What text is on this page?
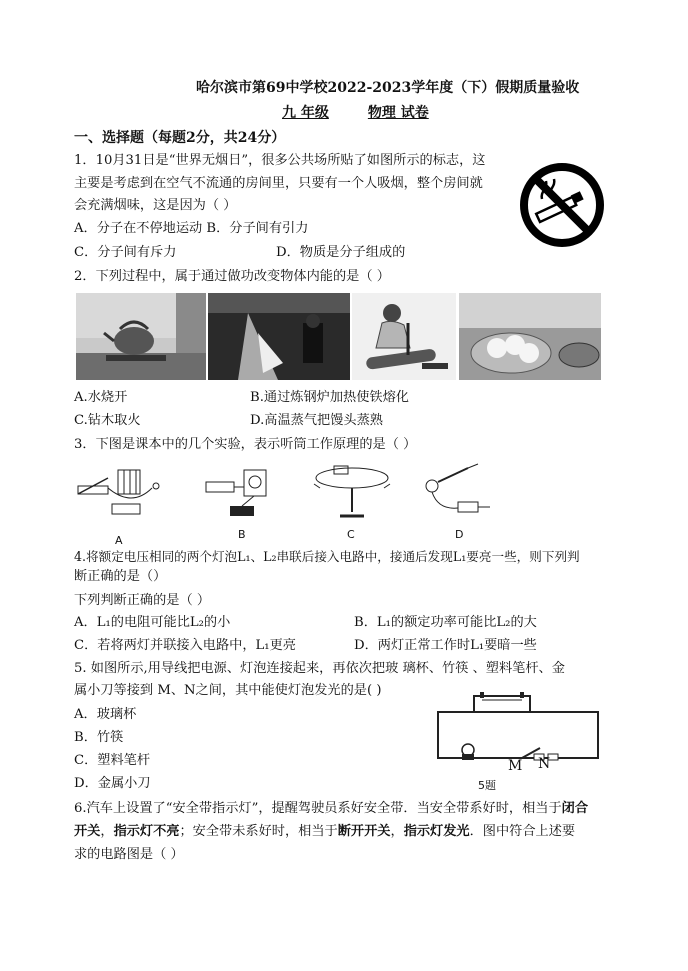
哈尔滨市第69中学校2022-2023学年度（下）假期质量验收
九 年级	物理 试卷
一、选择题（每题2分，共24分）
1．10月31日是“世界无烟日”，很多公共场所贴了如图所示的标志，这
主要是考虑到在空气不流通的房间里，只要有一个人吸烟，整个房间就
会充满烟味，这是因为（ ）
A．分子在不停地运动 B．分子间有引力
C．分子间有斥力	D．物质是分子组成的
2．下列过程中，属于通过做功改变物体内能的是（ ）
A.水烧开	B.通过炼钢炉加热使铁熔化
C.钻木取火	D.高温蒸气把馒头蒸熟
3．下图是课本中的几个实验，表示听筒工作原理的是（ ）
A	B	C	D
4.将额定电压相同的两个灯泡L₁、L₂串联后接入电路中，接通后发现L₁要亮一些，则下列判
断正确的是（）
下列判断正确的是（ ）
A．L₁的电阻可能比L₂的小	B．L₁的额定功率可能比L₂的大
C．若将两灯并联接入电路中，L₁更亮	D．两灯正常工作时L₁要暗一些
5. 如图所示,用导线把电源、灯泡连接起来，再依次把玻 璃杯、竹筷 、塑料笔杆、金
属小刀等接到 M、N之间，其中能使灯泡发光的是( )
A．玻璃杯
B．竹筷
C．塑料笔杆
D．金属小刀
M N
5题
6.汽车上设置了“安全带指示灯”，提醒驾驶员系好安全带．当安全带系好时，相当于闭合
开关，指示灯不亮；安全带未系好时，相当于断开开关，指示灯发光．图中符合上述要
求的电路图是（ ）
